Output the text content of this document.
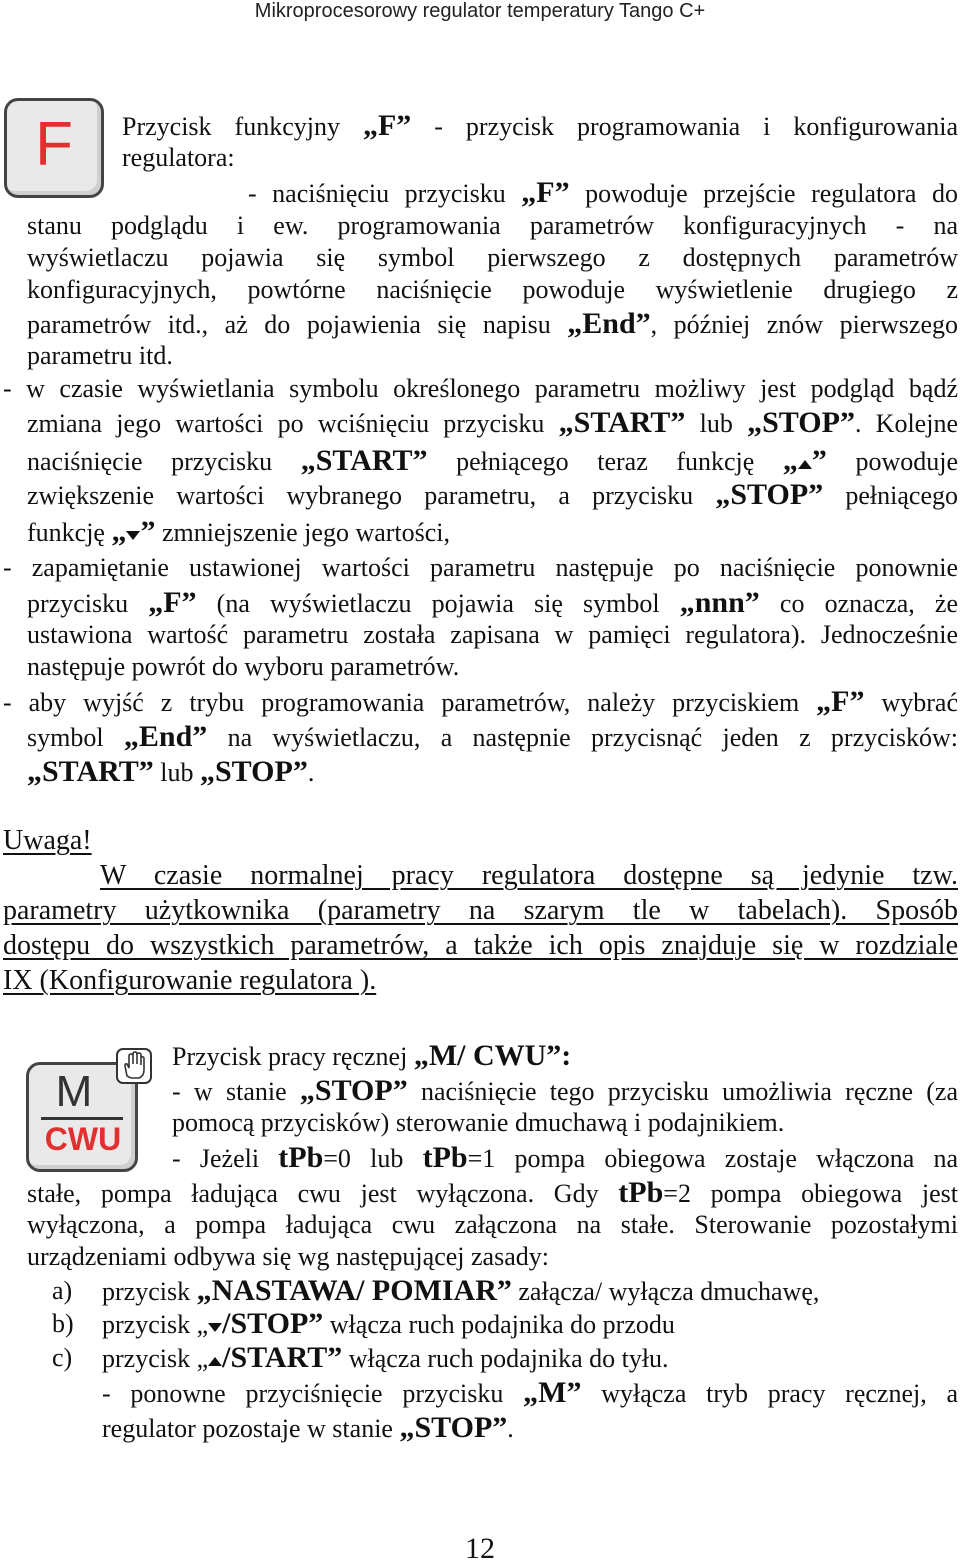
Mikroprocesorowy regulator temperatury Tango C+
F	Przycisk funkcyjny „F” - przycisk programowania i konfigurowania
regulatora:
- naciśnięciu przycisku „F” powoduje przejście regulatora do
stanu podglądu i ew. programowania parametrów konfiguracyjnych - na
wyświetlaczu pojawia się symbol pierwszego z dostępnych parametrów
konfiguracyjnych, powtórne naciśnięcie powoduje wyświetlenie drugiego z
parametrów itd., aż do pojawienia się napisu „End”, później znów pierwszego
parametru itd.
- w czasie wyświetlania symbolu określonego parametru możliwy jest podgląd bądź
zmiana jego wartości po wciśnięciu przycisku „START” lub „STOP”. Kolejne
naciśnięcie przycisku „START” pełniącego teraz funkcję „ ” powoduje
zwiększenie wartości wybranego parametru, a przycisku „STOP” pełniącego
funkcję „ ” zmniejszenie jego wartości,
- zapamiętanie ustawionej wartości parametru następuje po naciśnięcie ponownie
przycisku „F” (na wyświetlaczu pojawia się symbol „nnn” co oznacza, że
ustawiona wartość parametru została zapisana w pamięci regulatora). Jednocześnie
następuje powrót do wyboru parametrów.
- aby wyjść z trybu programowania parametrów, należy przyciskiem „F” wybrać
symbol „End” na wyświetlaczu, a następnie przycisnąć jeden z przycisków:
„START” lub „STOP”.
Uwaga!
W czasie normalnej pracy regulatora dostępne są jedynie tzw.
parametry użytkownika (parametry na szarym tle w tabelach). Sposób
dostępu do wszystkich parametrów, a także ich opis znajduje się w rozdziale
IX (Konfigurowanie regulatora ).
M
CWU
Przycisk pracy ręcznej „M/ CWU”:
- w stanie „STOP” naciśnięcie tego przycisku umożliwia ręczne (za
pomocą przycisków) sterowanie dmuchawą i podajnikiem.
- Jeżeli tPb=0 lub tPb=1 pompa obiegowa zostaje włączona na
stałe, pompa ładująca cwu jest wyłączona. Gdy tPb=2 pompa obiegowa jest
wyłączona, a pompa ładująca cwu załączona na stałe. Sterowanie pozostałymi
urządzeniami odbywa się wg następującej zasady:
a) przycisk „NASTAWA/ POMIAR” załącza/ wyłącza dmuchawę,
b) przycisk „ /STOP” włącza ruch podajnika do przodu
c) przycisk „ /START” włącza ruch podajnika do tyłu.
- ponowne przyciśnięcie przycisku „M” wyłącza tryb pracy ręcznej, a
regulator pozostaje w stanie „STOP”.
12
